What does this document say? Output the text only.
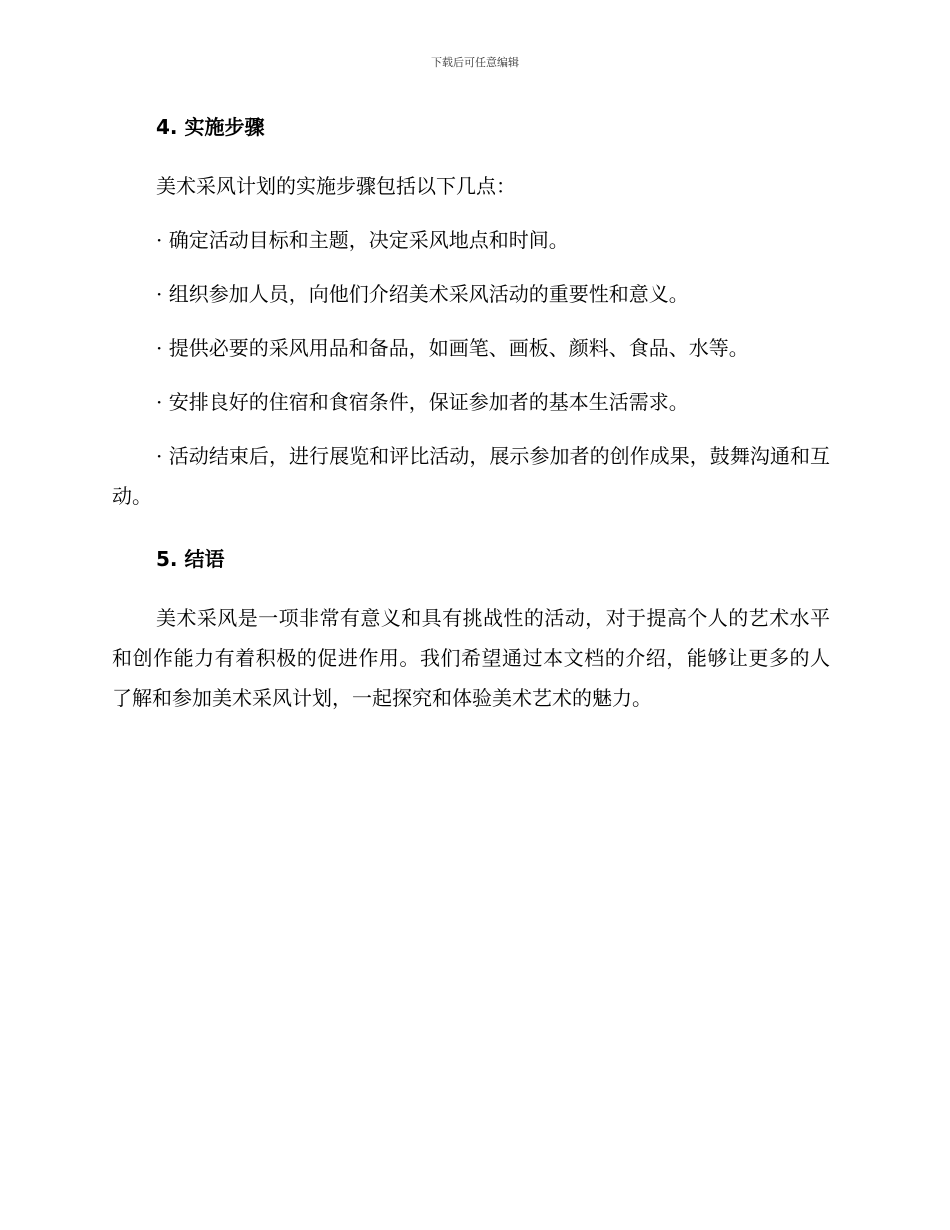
下载后可任意编辑
4. 实施步骤

美术采风计划的实施步骤包括以下几点：

· 确定活动目标和主题，决定采风地点和时间。

· 组织参加人员，向他们介绍美术采风活动的重要性和意义。

· 提供必要的采风用品和备品，如画笔、画板、颜料、食品、水等。

· 安排良好的住宿和食宿条件，保证参加者的基本生活需求。

· 活动结束后，进行展览和评比活动，展示参加者的创作成果，鼓舞沟通和互动。

5. 结语

美术采风是一项非常有意义和具有挑战性的活动，对于提高个人的艺术水平和创作能力有着积极的促进作用。我们希望通过本文档的介绍，能够让更多的人了解和参加美术采风计划，一起探究和体验美术艺术的魅力。
